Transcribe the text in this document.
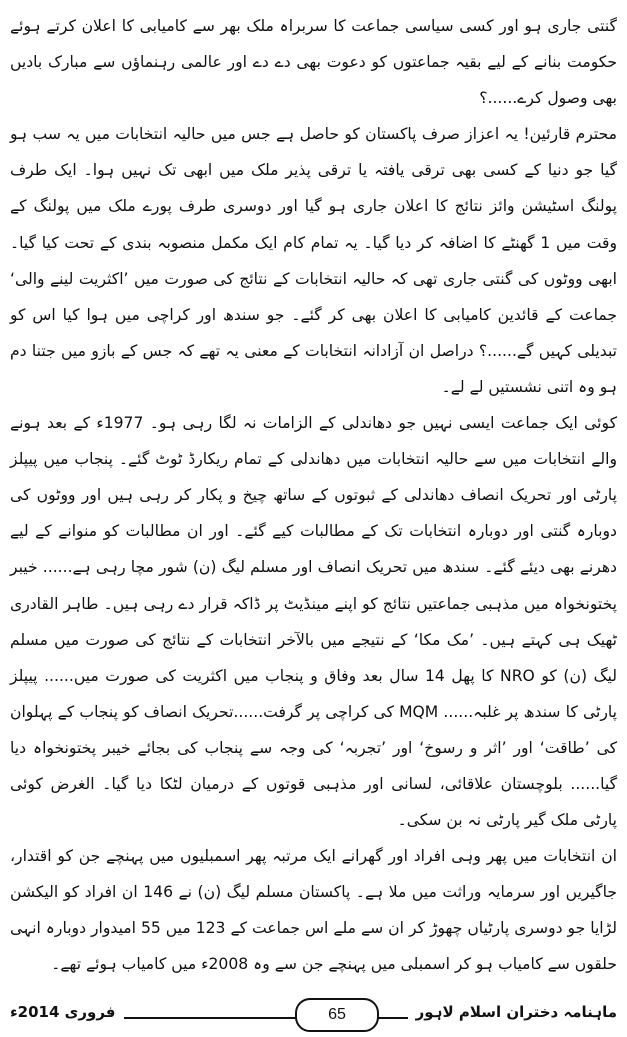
گنتی جاری ہو اور کسی سیاسی جماعت کا سربراہ ملک بھر سے کامیابی کا اعلان کرتے ہوئے حکومت بنانے کے لیے بقیہ جماعتوں کو دعوت بھی دے دے اور عالمی رہنماؤں سے مبارک بادیں بھی وصول کرے......؟

محترم قارئین! یہ اعزاز صرف پاکستان کو حاصل ہے جس میں حالیہ انتخابات میں یہ سب ہو گیا جو دنیا کے کسی بھی ترقی یافتہ یا ترقی پذیر ملک میں ابھی تک نہیں ہوا۔ ایک طرف پولنگ اسٹیشن وائز نتائج کا اعلان جاری ہو گیا اور دوسری طرف پورے ملک میں پولنگ کے وقت میں 1 گھنٹے کا اضافہ کر دیا گیا۔ یہ تمام کام ایک مکمل منصوبہ بندی کے تحت کیا گیا۔ ابھی ووٹوں کی گنتی جاری تھی کہ حالیہ انتخابات کے نتائج کی صورت میں ’اکثریت لینے والی‘ جماعت کے قائدین کامیابی کا اعلان بھی کر گئے۔ جو سندھ اور کراچی میں ہوا کیا اس کو تبدیلی کہیں گے......؟ دراصل ان آزادانہ انتخابات کے معنی یہ تھے کہ جس کے بازو میں جتنا دم ہو وہ اتنی نشستیں لے لے۔

کوئی ایک جماعت ایسی نہیں جو دھاندلی کے الزامات نہ لگا رہی ہو۔ 1977ء کے بعد ہونے والے انتخابات میں سے حالیہ انتخابات میں دھاندلی کے تمام ریکارڈ ٹوٹ گئے۔ پنجاب میں پیپلز پارٹی اور تحریک انصاف دھاندلی کے ثبوتوں کے ساتھ چیخ و پکار کر رہی ہیں اور ووٹوں کی دوبارہ گنتی اور دوبارہ انتخابات تک کے مطالبات کیے گئے۔ اور ان مطالبات کو منوانے کے لیے دھرنے بھی دیئے گئے۔ سندھ میں تحریک انصاف اور مسلم لیگ (ن) شور مچا رہی ہے...... خیبر پختونخواہ میں مذہبی جماعتیں نتائج کو اپنے مینڈیٹ پر ڈاکہ قرار دے رہی ہیں۔ طاہر القادری ٹھیک ہی کہتے ہیں۔ ’مک مکا‘ کے نتیجے میں بالآخر انتخابات کے نتائج کی صورت میں مسلم لیگ (ن) کو NRO کا پھل 14 سال بعد وفاق و پنجاب میں اکثریت کی صورت میں...... پیپلز پارٹی کا سندھ پر غلبہ...... MQM کی کراچی پر گرفت......تحریک انصاف کو پنجاب کے پہلوان کی ’طاقت‘ اور ’اثر و رسوخ‘ اور ’تجربہ‘ کی وجہ سے پنجاب کی بجائے خیبر پختونخواہ دیا گیا...... بلوچستان علاقائی، لسانی اور مذہبی قوتوں کے درمیان لٹکا دیا گیا۔ الغرض کوئی پارٹی ملک گیر پارٹی نہ بن سکی۔

ان انتخابات میں پھر وہی افراد اور گھرانے ایک مرتبہ پھر اسمبلیوں میں پہنچے جن کو اقتدار، جاگیریں اور سرمایہ وراثت میں ملا ہے۔ پاکستان مسلم لیگ (ن) نے 146 ان افراد کو الیکشن لڑایا جو دوسری پارٹیاں چھوڑ کر ان سے ملے اس جماعت کے 123 میں 55 امیدوار دوبارہ انہی حلقوں سے کامیاب ہو کر اسمبلی میں پہنچے جن سے وہ 2008ء میں کامیاب ہوئے تھے۔

ماہنامہ دختران اسلام لاہور
65
فروری 2014ء
